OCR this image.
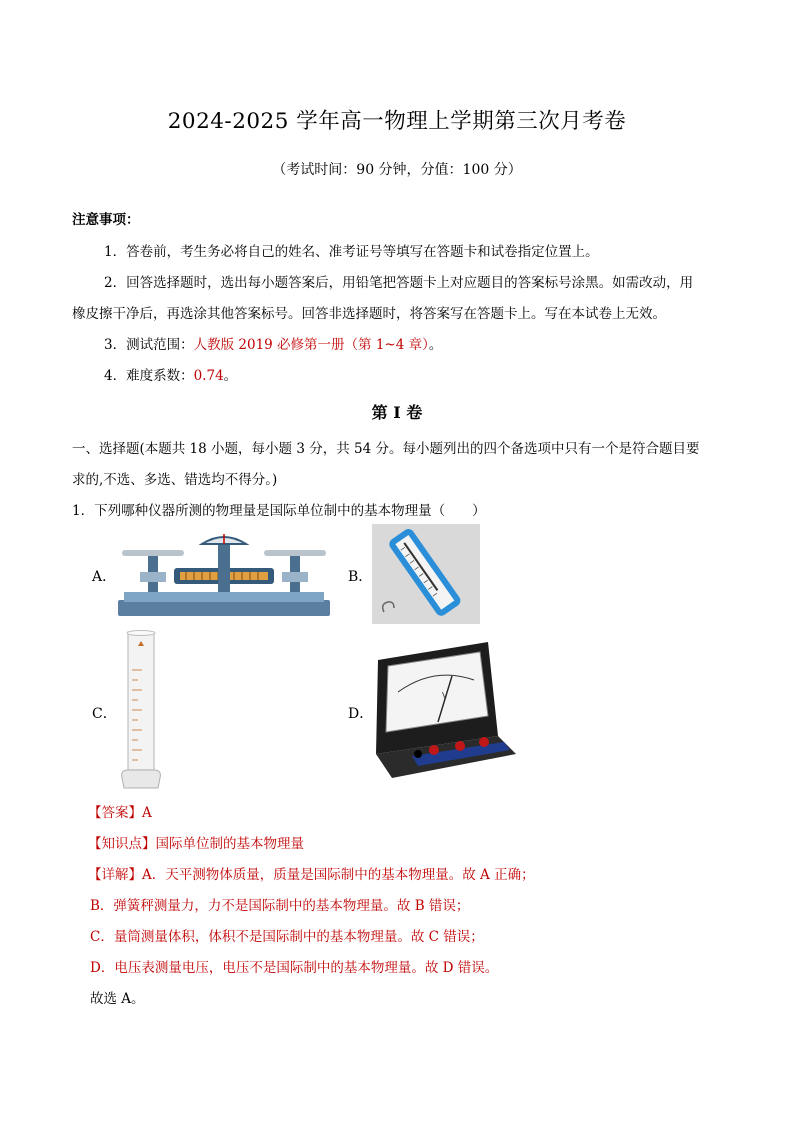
2024-2025 学年高一物理上学期第三次月考卷
（考试时间：90 分钟，分值：100 分）
注意事项：
1．答卷前，考生务必将自己的姓名、准考证号等填写在答题卡和试卷指定位置上。
2．回答选择题时，选出每小题答案后，用铅笔把答题卡上对应题目的答案标号涂黑。如需改动，用
橡皮擦干净后，再选涂其他答案标号。回答非选择题时，将答案写在答题卡上。写在本试卷上无效。
3．测试范围：人教版 2019 必修第一册（第 1~4 章）。
4．难度系数：0.74。
第 I 卷
一、选择题(本题共 18 小题，每小题 3 分，共 54 分。每小题列出的四个备选项中只有一个是符合题目要
求的,不选、多选、错选均不得分。)
1．下列哪种仪器所测的物理量是国际单位制中的基本物理量（　　）
A．	B．
C．	D．
V
【答案】A
【知识点】国际单位制的基本物理量
【详解】A．天平测物体质量，质量是国际制中的基本物理量。故 A 正确；
B．弹簧秤测量力，力不是国际制中的基本物理量。故 B 错误；
C．量筒测量体积，体积不是国际制中的基本物理量。故 C 错误；
D．电压表测量电压，电压不是国际制中的基本物理量。故 D 错误。
故选 A。
